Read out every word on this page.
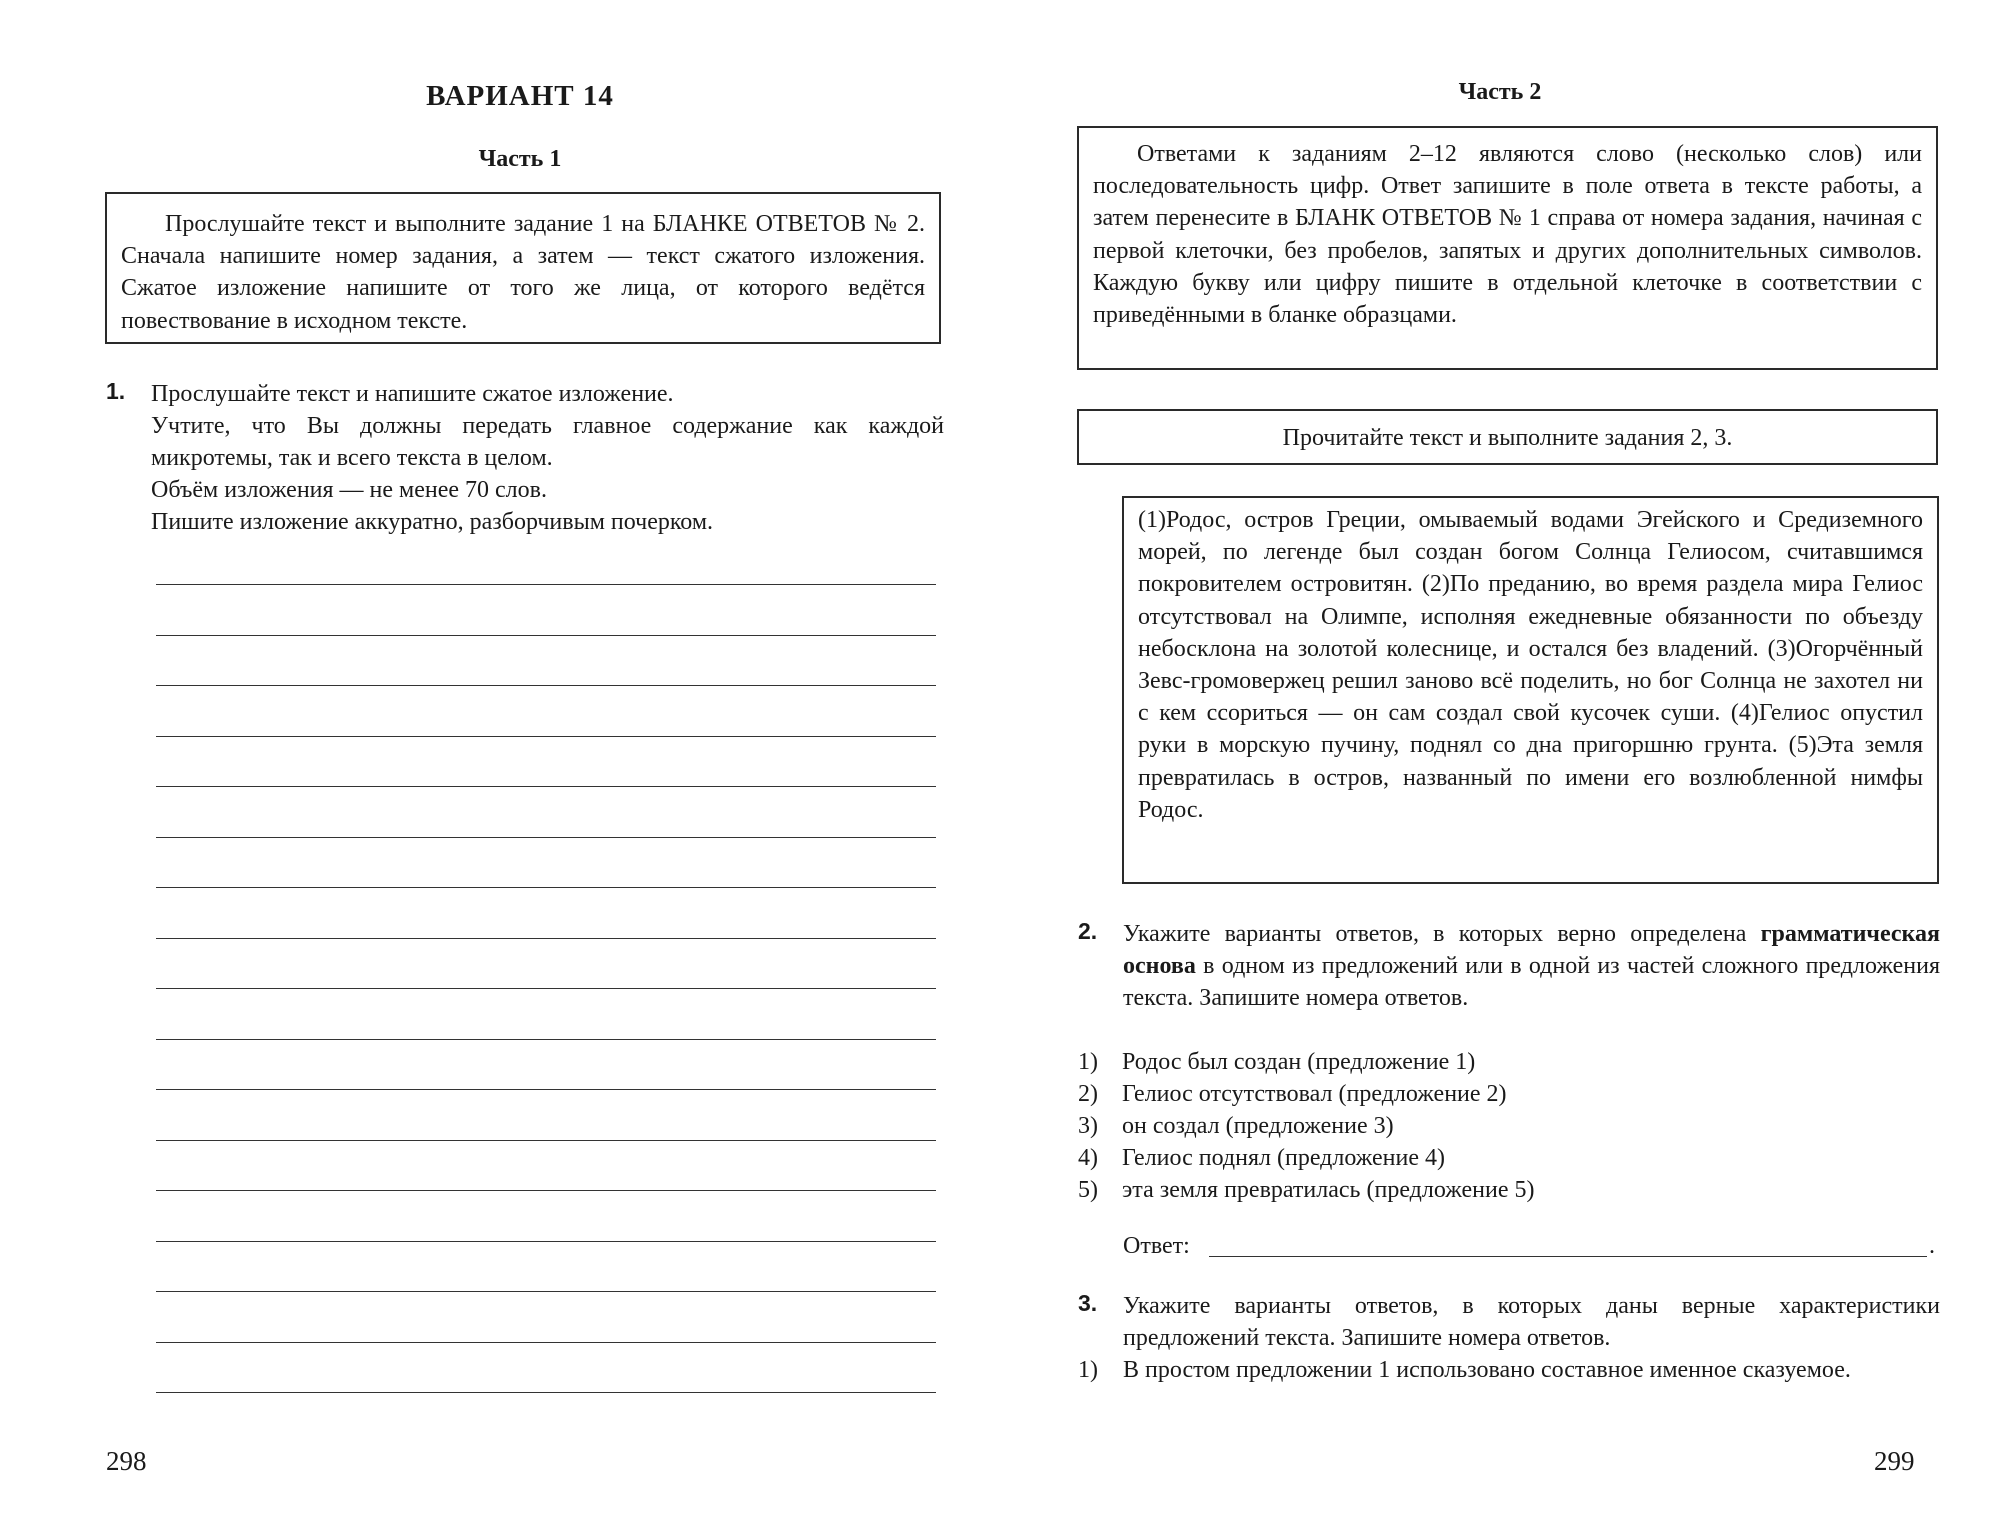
ВАРИАНТ 14
Часть 1

Прослушайте текст и выполните задание 1 на БЛАНКЕ ОТВЕТОВ № 2. Сначала напишите номер задания, а затем — текст сжатого изложения. Сжатое изложение напишите от того же лица, от которого ведётся повествование в исходном тексте.

1. Прослушайте текст и напишите сжатое изложение.

Учтите, что Вы должны передать главное содержание как каждой микротемы, так и всего текста в целом.

Объём изложения — не менее 70 слов.

Пишите изложение аккуратно, разборчивым почерком.

298

Часть 2

Ответами к заданиям 2–12 являются слово (несколько слов) или последовательность цифр. Ответ запишите в поле ответа в тексте работы, а затем перенесите в БЛАНК ОТВЕТОВ № 1 справа от номера задания, начиная с первой клеточки, без пробелов, запятых и других дополнительных символов. Каждую букву или цифру пишите в отдельной клеточке в соответствии с приведёнными в бланке образцами.

Прочитайте текст и выполните задания 2, 3.

(1)Родос, остров Греции, омываемый водами Эгейского и Средиземного морей, по легенде был создан богом Солнца Гелиосом, считавшимся покровителем островитян. (2)По преданию, во время раздела мира Гелиос отсутствовал на Олимпе, исполняя ежедневные обязанности по объезду небосклона на золотой колеснице, и остался без владений. (3)Огорчённый Зевс-громовержец решил заново всё поделить, но бог Солнца не захотел ни с кем ссориться — он сам создал свой кусочек суши. (4)Гелиос опустил руки в морскую пучину, поднял со дна пригоршню грунта. (5)Эта земля превратилась в остров, названный по имени его возлюбленной нимфы Родос.

2. Укажите варианты ответов, в которых верно определена грамматическая основа в одном из предложений или в одной из частей сложного предложения текста. Запишите номера ответов.

1) Родос был создан (предложение 1)
2) Гелиос отсутствовал (предложение 2)
3) он создал (предложение 3)
4) Гелиос поднял (предложение 4)
5) эта земля превратилась (предложение 5)
Ответ:	.
3. Укажите варианты ответов, в которых даны верные характеристики предложений текста. Запишите номера ответов.

1) В простом предложении 1 использовано составное именное сказуемое.

299
